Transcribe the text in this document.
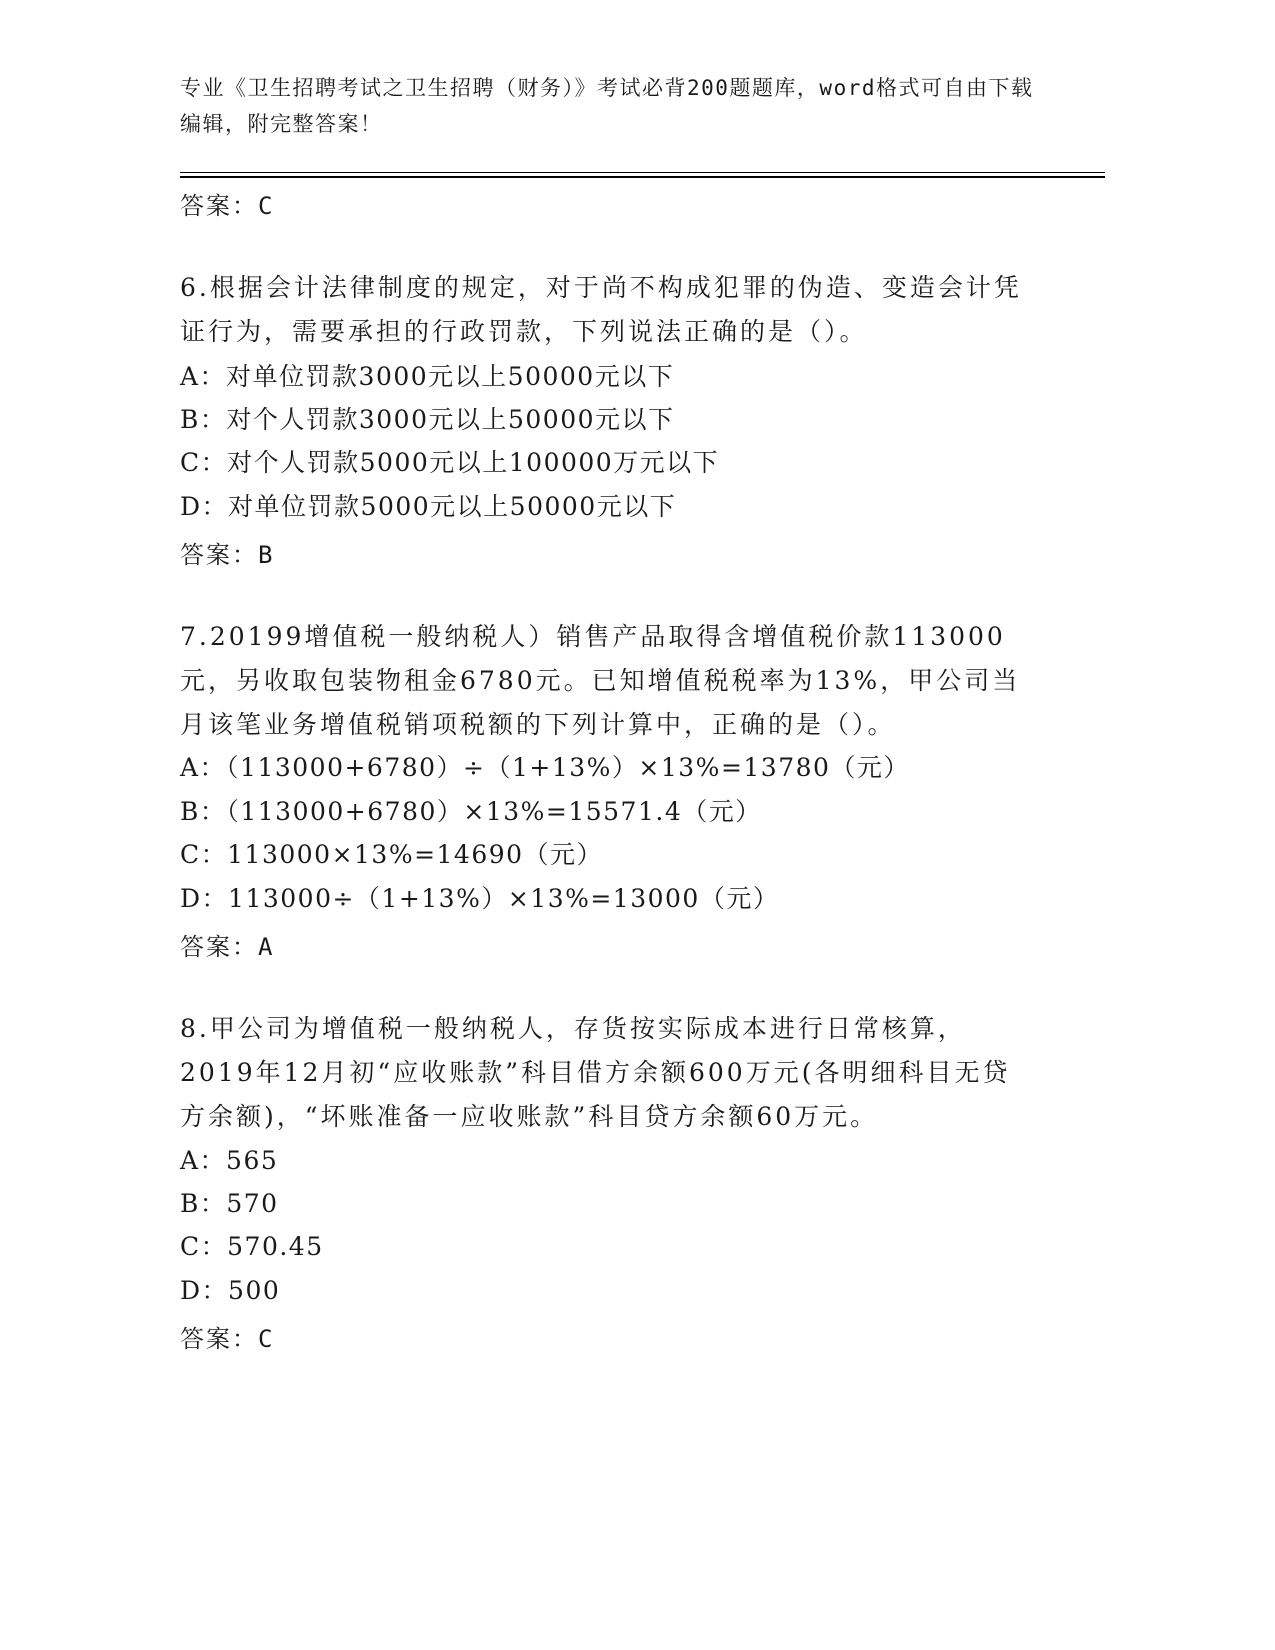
专业《卫生招聘考试之卫生招聘（财务）》考试必背200题题库，word格式可自由下载编辑，附完整答案！
答案：C
6.根据会计法律制度的规定，对于尚不构成犯罪的伪造、变造会计凭证行为，需要承担的行政罚款，下列说法正确的是（）。
A：对单位罚款3000元以上50000元以下
B：对个人罚款3000元以上50000元以下
C：对个人罚款5000元以上100000万元以下
D：对单位罚款5000元以上50000元以下
答案：B
7.20199增值税一般纳税人）销售产品取得含增值税价款113000元，另收取包装物租金6780元。已知增值税税率为13%，甲公司当月该笔业务增值税销项税额的下列计算中，正确的是（）。
A：（113000+6780）÷（1+13%）×13%=13780（元）
B：（113000+6780）×13%=15571.4（元）
C：113000×13%=14690（元）
D：113000÷（1+13%）×13%=13000（元）
答案：A
8.甲公司为增值税一般纳税人，存货按实际成本进行日常核算，2019年12月初“应收账款”科目借方余额600万元(各明细科目无贷方余额)，“坏账准备一应收账款”科目贷方余额60万元。
A：565
B：570
C：570.45
D：500
答案：C
